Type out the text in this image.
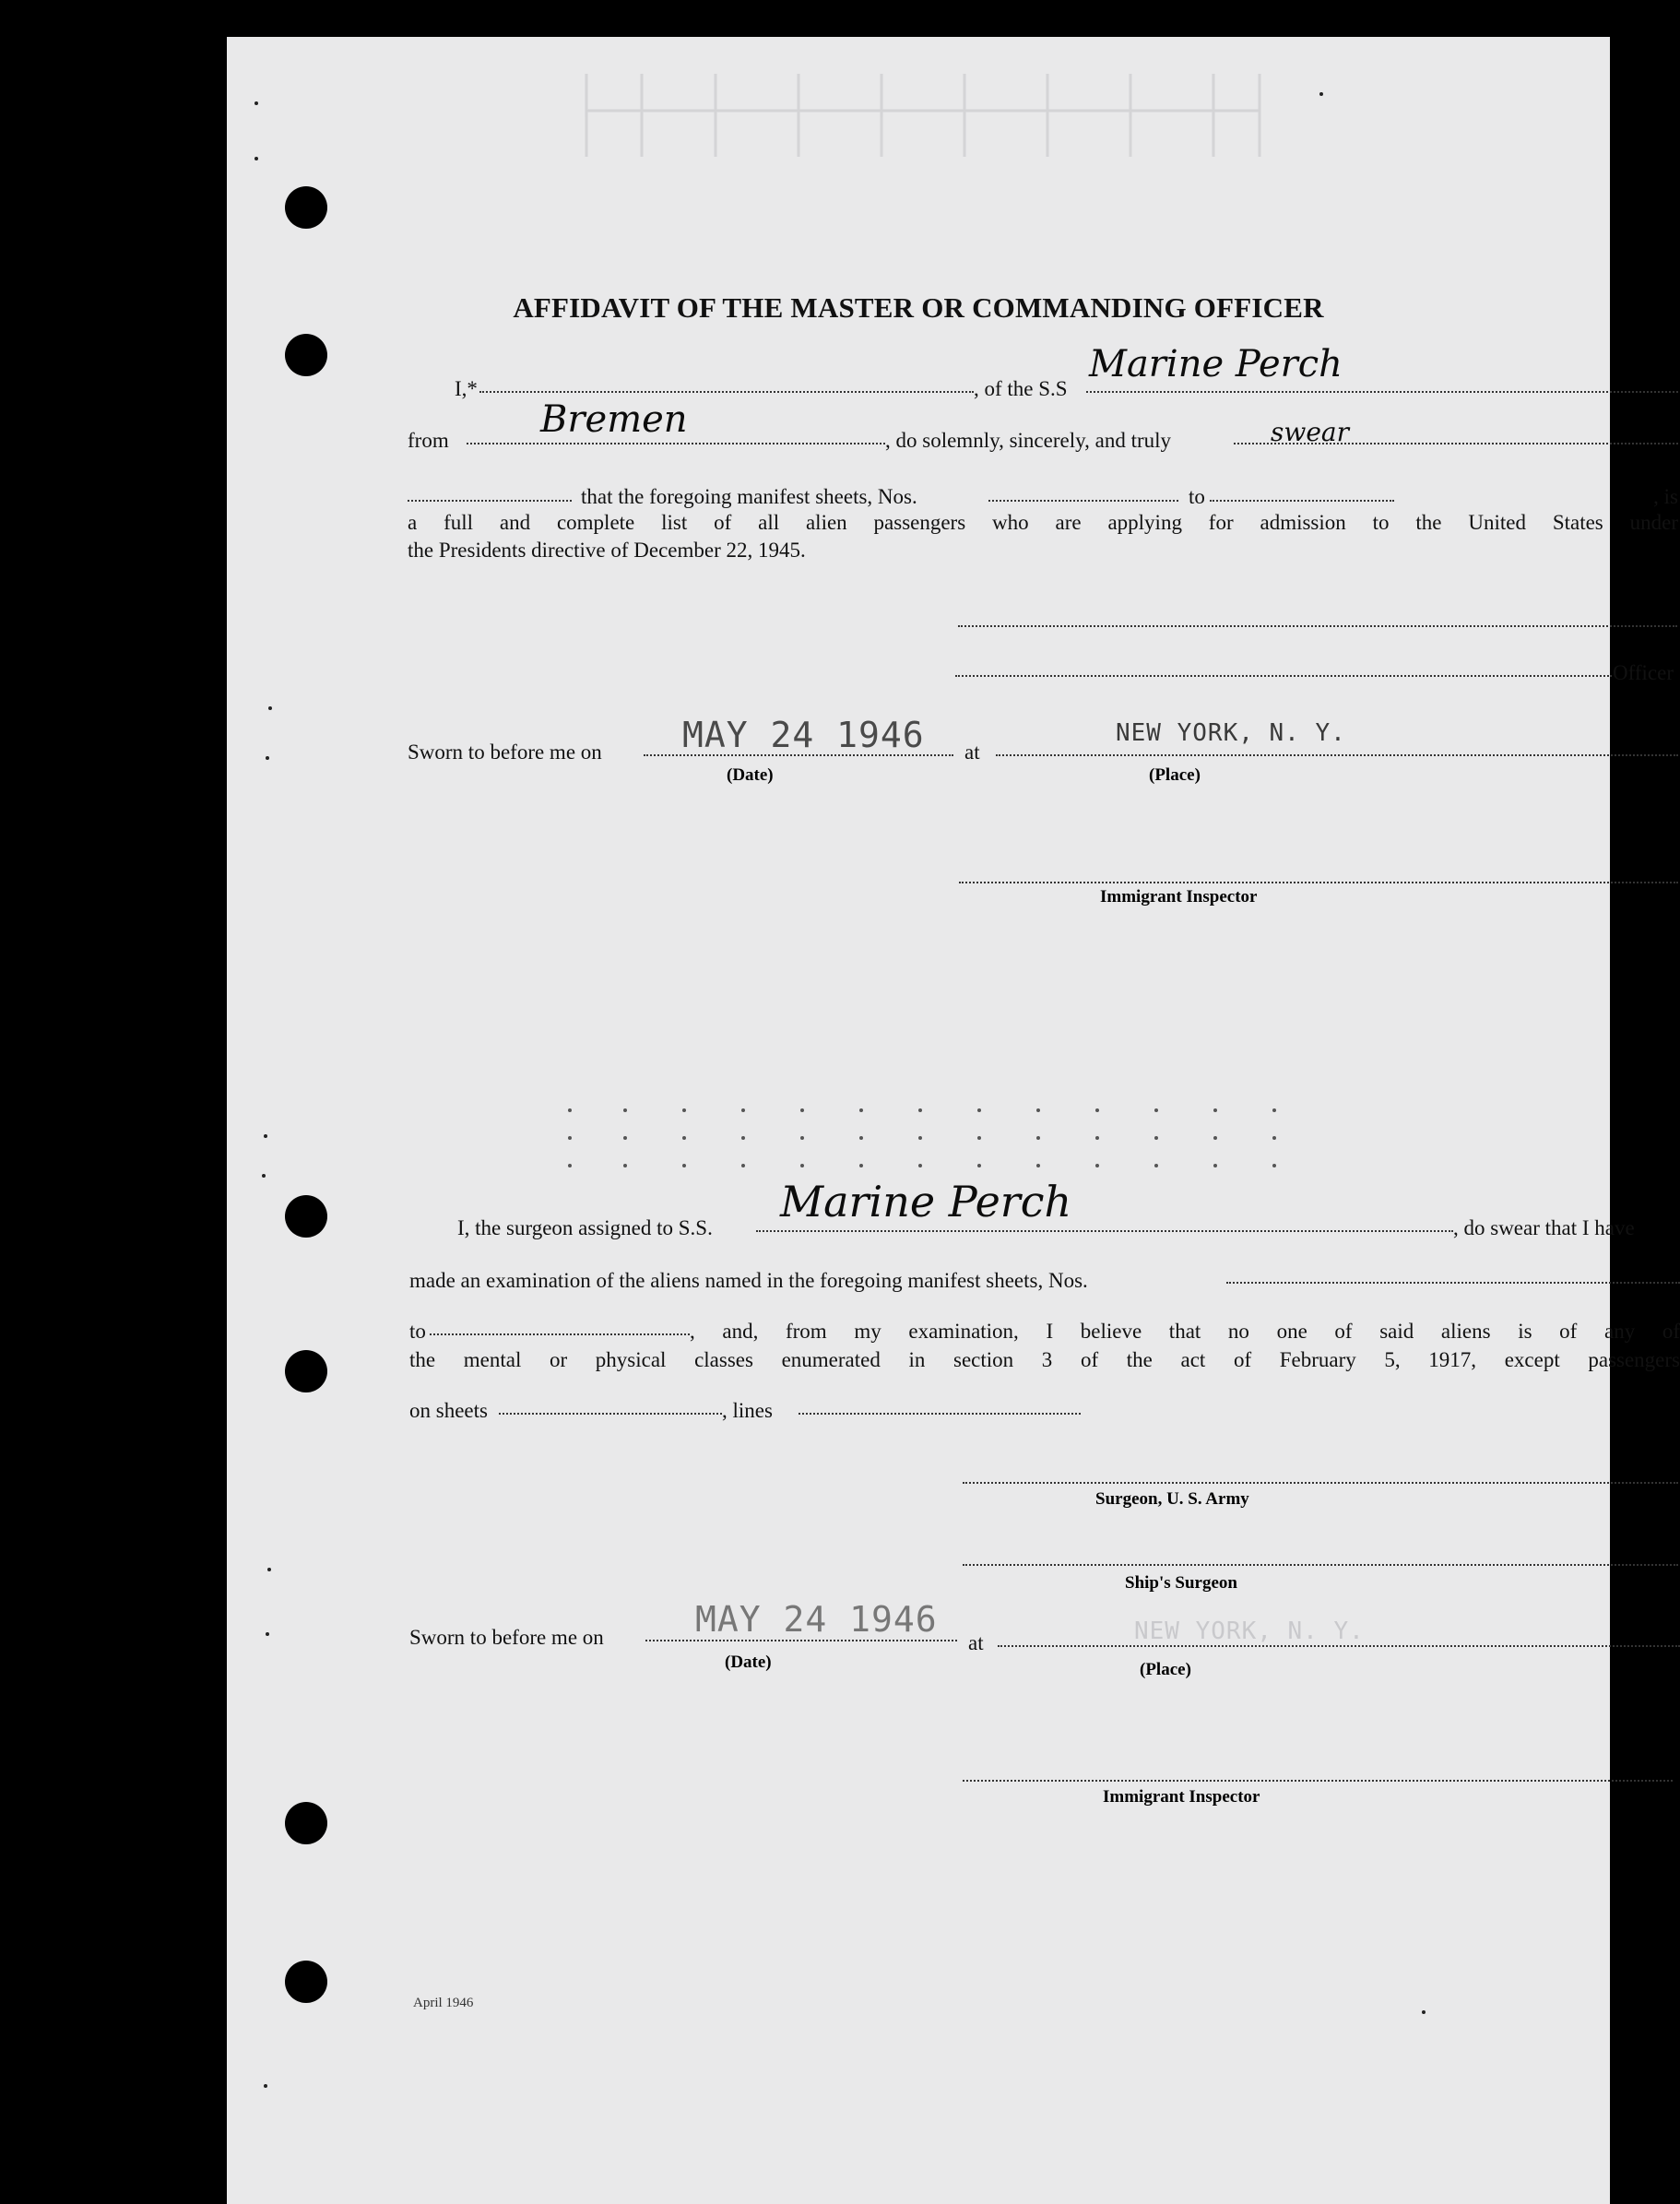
AFFIDAVIT OF THE MASTER OR COMMANDING OFFICER
I,*	, of the S.S
Marine Perch
from Bremen	, do solemnly, sincerely, and truly	swear
that the foregoing manifest sheets, Nos.	to	, is
a full and complete list of all alien passengers who are applying for admission to the United States under
the Presidents directive of December 22, 1945.
Officer
Sworn to before me on MAY 24 1946 at
NEW YORK, N. Y.
(Date)	(Place)
Immigrant Inspector
I, the surgeon assigned to S.S.
Marine Perch
, do swear that I have
made an examination of the aliens named in the foregoing manifest sheets, Nos.
to	, and, from my examination, I believe that no one of said aliens is of any of
the mental or physical classes enumerated in section 3 of the act of February 5, 1917, except passengers
on sheets	, lines
Surgeon, U. S. Army
Ship's Surgeon
Sworn to before me on	MAY 24 1946
at	NEW YORK, N. Y.
(Date)	(Place)
Immigrant Inspector
April 1946
